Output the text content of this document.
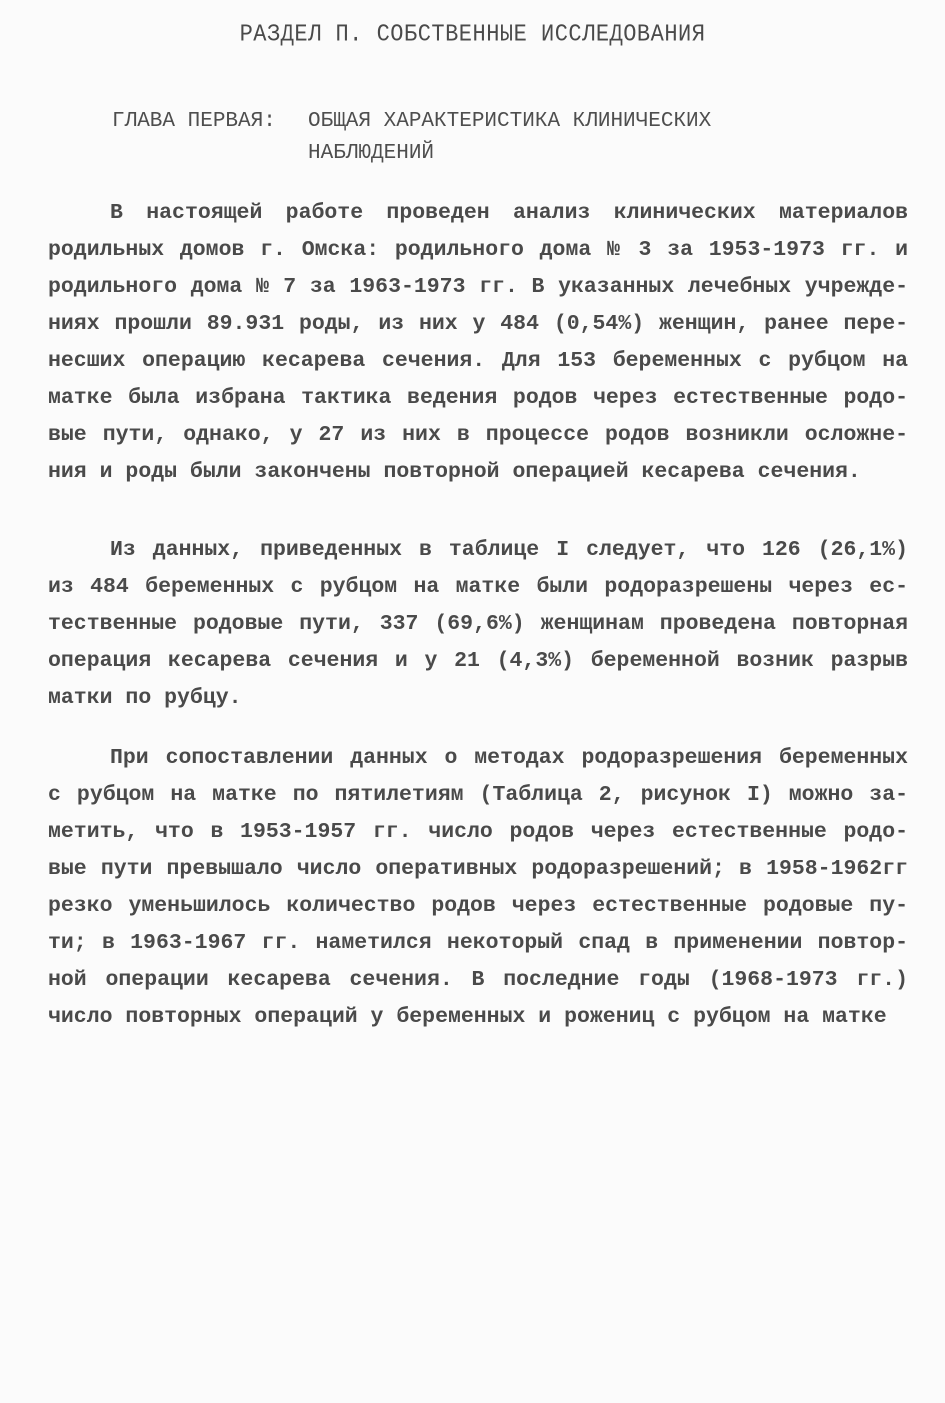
РАЗДЕЛ П. СОБСТВЕННЫЕ ИССЛЕДОВАНИЯ
ГЛАВА ПЕРВАЯ: ОБЩАЯ ХАРАКТЕРИСТИКА КЛИНИЧЕСКИХ
НАБЛЮДЕНИЙ
В настоящей работе проведен анализ клинических материалов
родильных домов г. Омска: родильного дома № 3 за 1953-1973 гг. и
родильного дома № 7 за 1963-1973 гг. В указанных лечебных учрежде-
ниях прошли 89.931 роды, из них у 484 (0,54%) женщин, ранее пере-
несших операцию кесарева сечения. Для 153 беременных с рубцом на
матке была избрана тактика ведения родов через естественные родо-
вые пути, однако, у 27 из них в процессе родов возникли осложне-
ния и роды были закончены повторной операцией кесарева сечения.
Из данных, приведенных в таблице I следует, что 126 (26,1%)
из 484 беременных с рубцом на матке были родоразрешены через ес-
тественные родовые пути, 337 (69,6%) женщинам проведена повторная
операция кесарева сечения и у 21 (4,3%) беременной возник разрыв
матки по рубцу.
При сопоставлении данных о методах родоразрешения беременных
с рубцом на матке по пятилетиям (Таблица 2, рисунок I) можно за-
метить, что в 1953-1957 гг. число родов через естественные родо-
вые пути превышало число оперативных родоразрешений; в 1958-1962гг
резко уменьшилось количество родов через естественные родовые пу-
ти; в 1963-1967 гг. наметился некоторый спад в применении повтор-
ной операции кесарева сечения. В последние годы (1968-1973 гг.)
число повторных операций у беременных и рожениц с рубцом на матке
